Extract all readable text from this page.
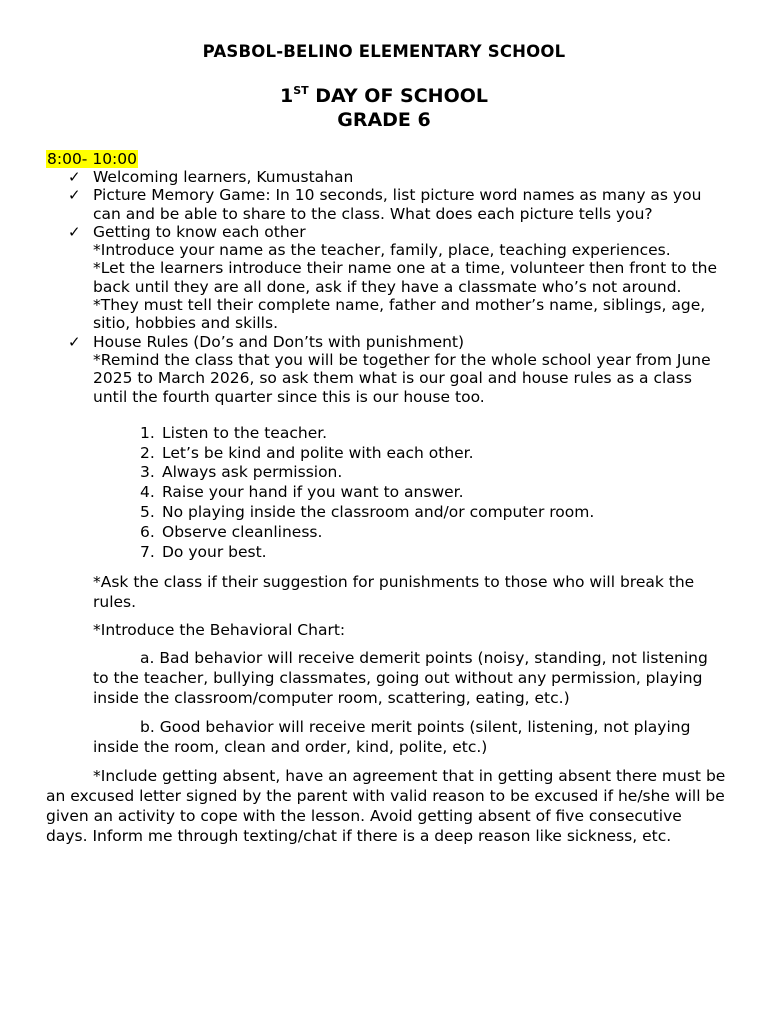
PASBOL-BELINO ELEMENTARY SCHOOL
1ST DAY OF SCHOOL
GRADE 6
8:00- 10:00
✓ Welcoming learners, Kumustahan

✓ Picture Memory Game: In 10 seconds, list picture word names as many as you can and be able to share to the class. What does each picture tells you?

✓ Getting to know each other

*Introduce your name as the teacher, family, place, teaching experiences.

*Let the learners introduce their name one at a time, volunteer then front to the back until they are all done, ask if they have a classmate who’s not around.

*They must tell their complete name, father and mother’s name, siblings, age, sitio, hobbies and skills.

✓ House Rules (Do’s and Don’ts with punishment)

*Remind the class that you will be together for the whole school year from June 2025 to March 2026, so ask them what is our goal and house rules as a class until the fourth quarter since this is our house too.

1. Listen to the teacher.
2. Let’s be kind and polite with each other.
3. Always ask permission.
4. Raise your hand if you want to answer.
5. No playing inside the classroom and/or computer room.
6. Observe cleanliness.
7. Do your best.

*Ask the class if their suggestion for punishments to those who will break the rules.

*Introduce the Behavioral Chart:

a. Bad behavior will receive demerit points (noisy, standing, not listening to the teacher, bullying classmates, going out without any permission, playing inside the classroom/computer room, scattering, eating, etc.)

b. Good behavior will receive merit points (silent, listening, not playing inside the room, clean and order, kind, polite, etc.)

*Include getting absent, have an agreement that in getting absent there must be an excused letter signed by the parent with valid reason to be excused if he/she will be given an activity to cope with the lesson. Avoid getting absent of five consecutive days. Inform me through texting/chat if there is a deep reason like sickness, etc.
